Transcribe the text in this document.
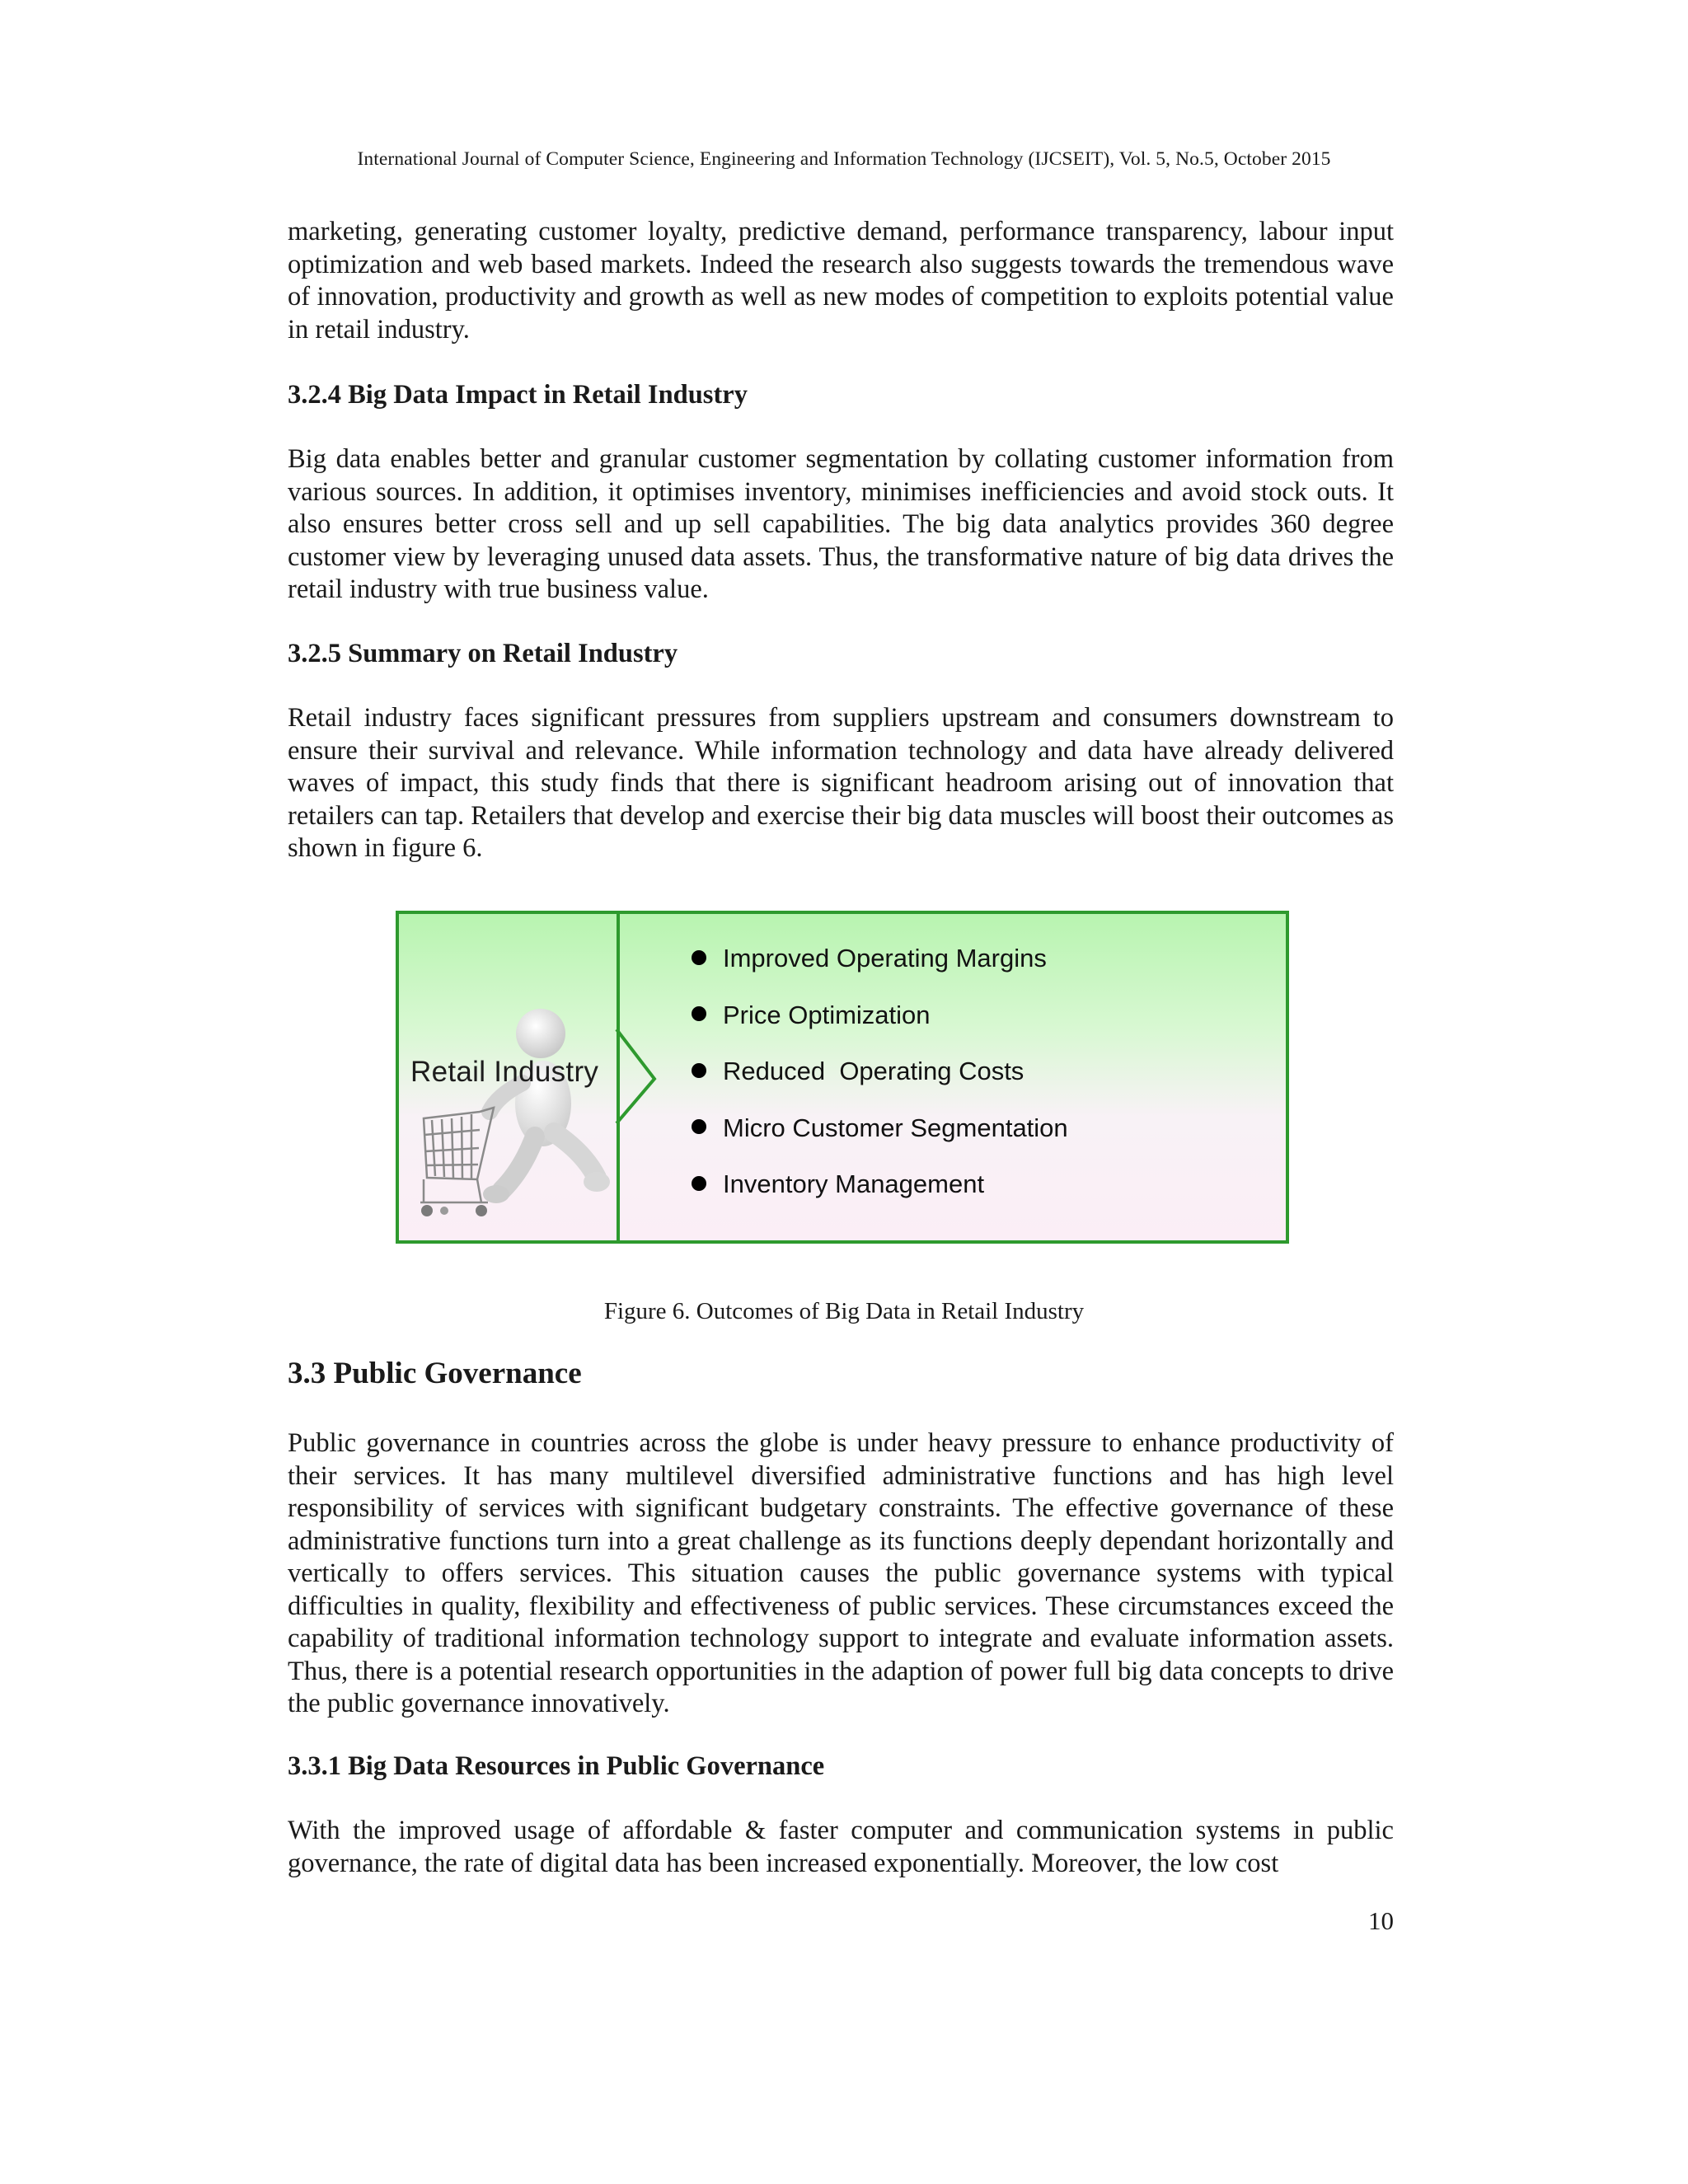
International Journal of Computer Science, Engineering and Information Technology (IJCSEIT), Vol. 5, No.5, October 2015

marketing, generating customer loyalty, predictive demand, performance transparency, labour input optimization and web based markets. Indeed the research also suggests towards the tremendous wave of innovation, productivity and growth as well as new modes of competition to exploits potential value in retail industry.

3.2.4 Big Data Impact in Retail Industry

Big data enables better and granular customer segmentation by collating customer information from various sources. In addition, it optimises inventory, minimises inefficiencies and avoid stock outs. It also ensures better cross sell and up sell capabilities. The big data analytics provides 360 degree customer view by leveraging unused data assets. Thus, the transformative nature of big data drives the retail industry with true business value.

3.2.5 Summary on Retail Industry

Retail industry faces significant pressures from suppliers upstream and consumers downstream to ensure their survival and relevance. While information technology and data have already delivered waves of impact, this study finds that there is significant headroom arising out of innovation that retailers can tap. Retailers that develop and exercise their big data muscles will boost their outcomes as shown in figure 6.

Retail Industry
Improved Operating Margins
Price Optimization
Reduced  Operating Costs
Micro Customer Segmentation
Inventory Management
Figure 6. Outcomes of Big Data in Retail Industry
3.3 Public Governance

Public governance in countries across the globe is under heavy pressure to enhance productivity of their services. It has many multilevel diversified administrative functions and has high level responsibility of services with significant budgetary constraints. The effective governance of these administrative functions turn into a great challenge as its functions deeply dependant horizontally and vertically to offers services. This situation causes the public governance systems with typical difficulties in quality, flexibility and effectiveness of public services. These circumstances exceed the capability of traditional information technology support to integrate and evaluate information assets. Thus, there is a potential research opportunities in the adaption of power full big data concepts to drive the public governance innovatively.

3.3.1 Big Data Resources in Public Governance

With the improved usage of affordable & faster computer and communication systems in public governance, the rate of digital data has been increased exponentially. Moreover, the low cost

10
